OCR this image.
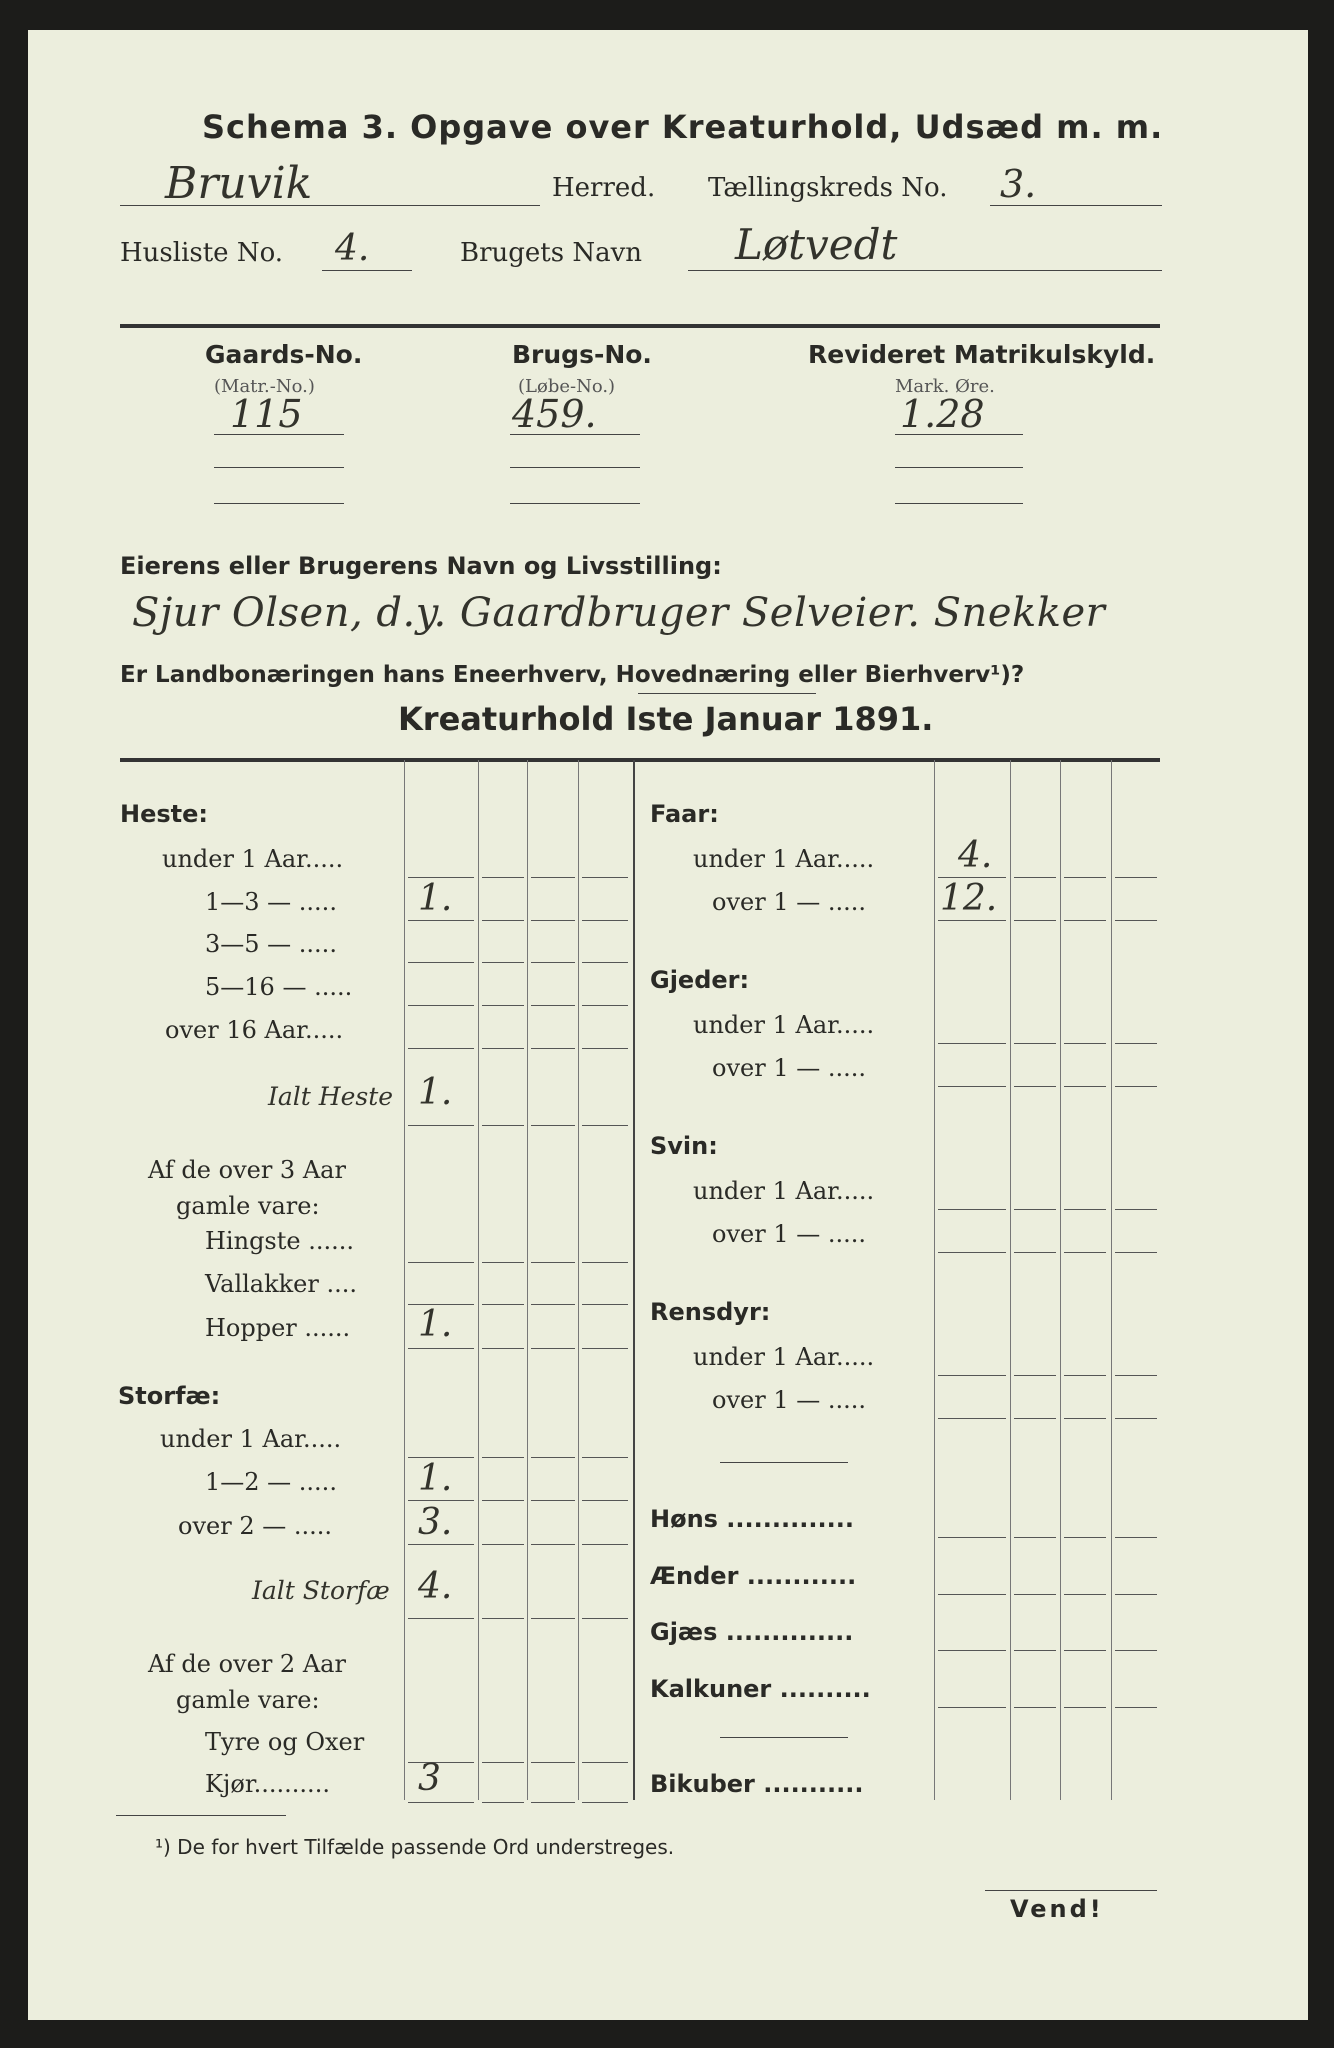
Schema 3. Opgave over Kreaturhold, Udsæd m. m.
Bruvik	Herred. Tællingskreds No. 3.
Husliste No. 4.	Brugets Navn Løtvedt
Gaards-No.
(Matr.-No.)
115
Brugs-No.
(Løbe-No.)
459.
Revideret Matrikulskyld.
Mark. Øre.
1.28
Eierens eller Brugerens Navn og Livsstilling:
Sjur Olsen, d.y. Gaardbruger Selveier. Snekker
Er Landbonæringen hans Eneerhverv, Hovednæring eller Bierhverv¹)?
Kreaturhold Iste Januar 1891.
¹) De for hvert Tilfælde passende Ord understreges.
Vend!
Heste:
under 1 Aar.....
1—3 — ..... 1.
3—5 — .....
5—16 — .....
over 16 Aar.....
Ialt Heste 1.
Af de over 3 Aar
gamle vare:
Hingste ......
Vallakker ....
Hopper ...... 1.
Storfæ:
under 1 Aar.....
1—2 — ..... 1.
over 2 — ..... 3.
Ialt Storfæ 4.
Af de over 2 Aar
gamle vare:
Tyre og Oxer
Kjør.......... 3
Faar:
under 1 Aar..... 4.
over 1 — ..... 12.
Gjeder:
under 1 Aar.....
over 1 — .....
Svin:
under 1 Aar.....
over 1 — .....
Rensdyr:
under 1 Aar.....
over 1 — .....
Høns ..............
Ænder ............
Gjæs ..............
Kalkuner ..........
Bikuber ...........
